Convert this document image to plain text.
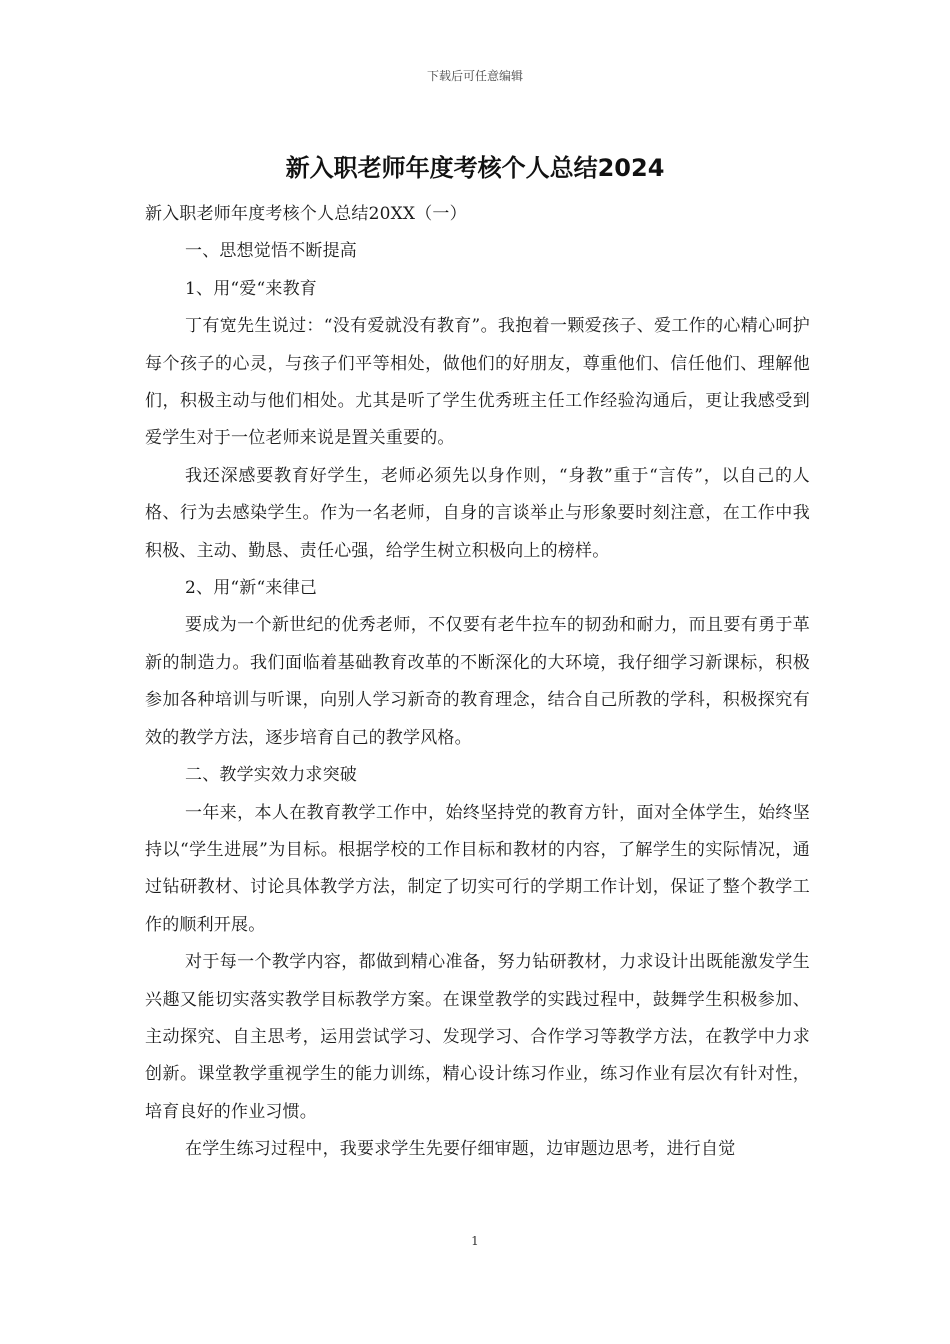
下载后可任意编辑
新入职老师年度考核个人总结2024

新入职老师年度考核个人总结20XX（一）

一、思想觉悟不断提高

1、用“爱“来教育

丁有宽先生说过：“没有爱就没有教育”。我抱着一颗爱孩子、爱工作的心精心呵护每个孩子的心灵，与孩子们平等相处，做他们的好朋友，尊重他们、信任他们、理解他们，积极主动与他们相处。尤其是听了学生优秀班主任工作经验沟通后，更让我感受到爱学生对于一位老师来说是置关重要的。

我还深感要教育好学生，老师必须先以身作则，“身教”重于“言传”，以自己的人格、行为去感染学生。作为一名老师，自身的言谈举止与形象要时刻注意，在工作中我积极、主动、勤恳、责任心强，给学生树立积极向上的榜样。

2、用“新“来律己

要成为一个新世纪的优秀老师，不仅要有老牛拉车的韧劲和耐力，而且要有勇于革新的制造力。我们面临着基础教育改革的不断深化的大环境，我仔细学习新课标，积极参加各种培训与听课，向别人学习新奇的教育理念，结合自己所教的学科，积极探究有效的教学方法，逐步培育自己的教学风格。

二、教学实效力求突破

一年来，本人在教育教学工作中，始终坚持党的教育方针，面对全体学生，始终坚持以“学生进展”为目标。根据学校的工作目标和教材的内容，了解学生的实际情况，通过钻研教材、讨论具体教学方法，制定了切实可行的学期工作计划，保证了整个教学工作的顺利开展。

对于每一个教学内容，都做到精心准备，努力钻研教材，力求设计出既能激发学生兴趣又能切实落实教学目标教学方案。在课堂教学的实践过程中，鼓舞学生积极参加、主动探究、自主思考，运用尝试学习、发现学习、合作学习等教学方法，在教学中力求创新。课堂教学重视学生的能力训练，精心设计练习作业，练习作业有层次有针对性，培育良好的作业习惯。

在学生练习过程中，我要求学生先要仔细审题，边审题边思考，进行自觉

1
